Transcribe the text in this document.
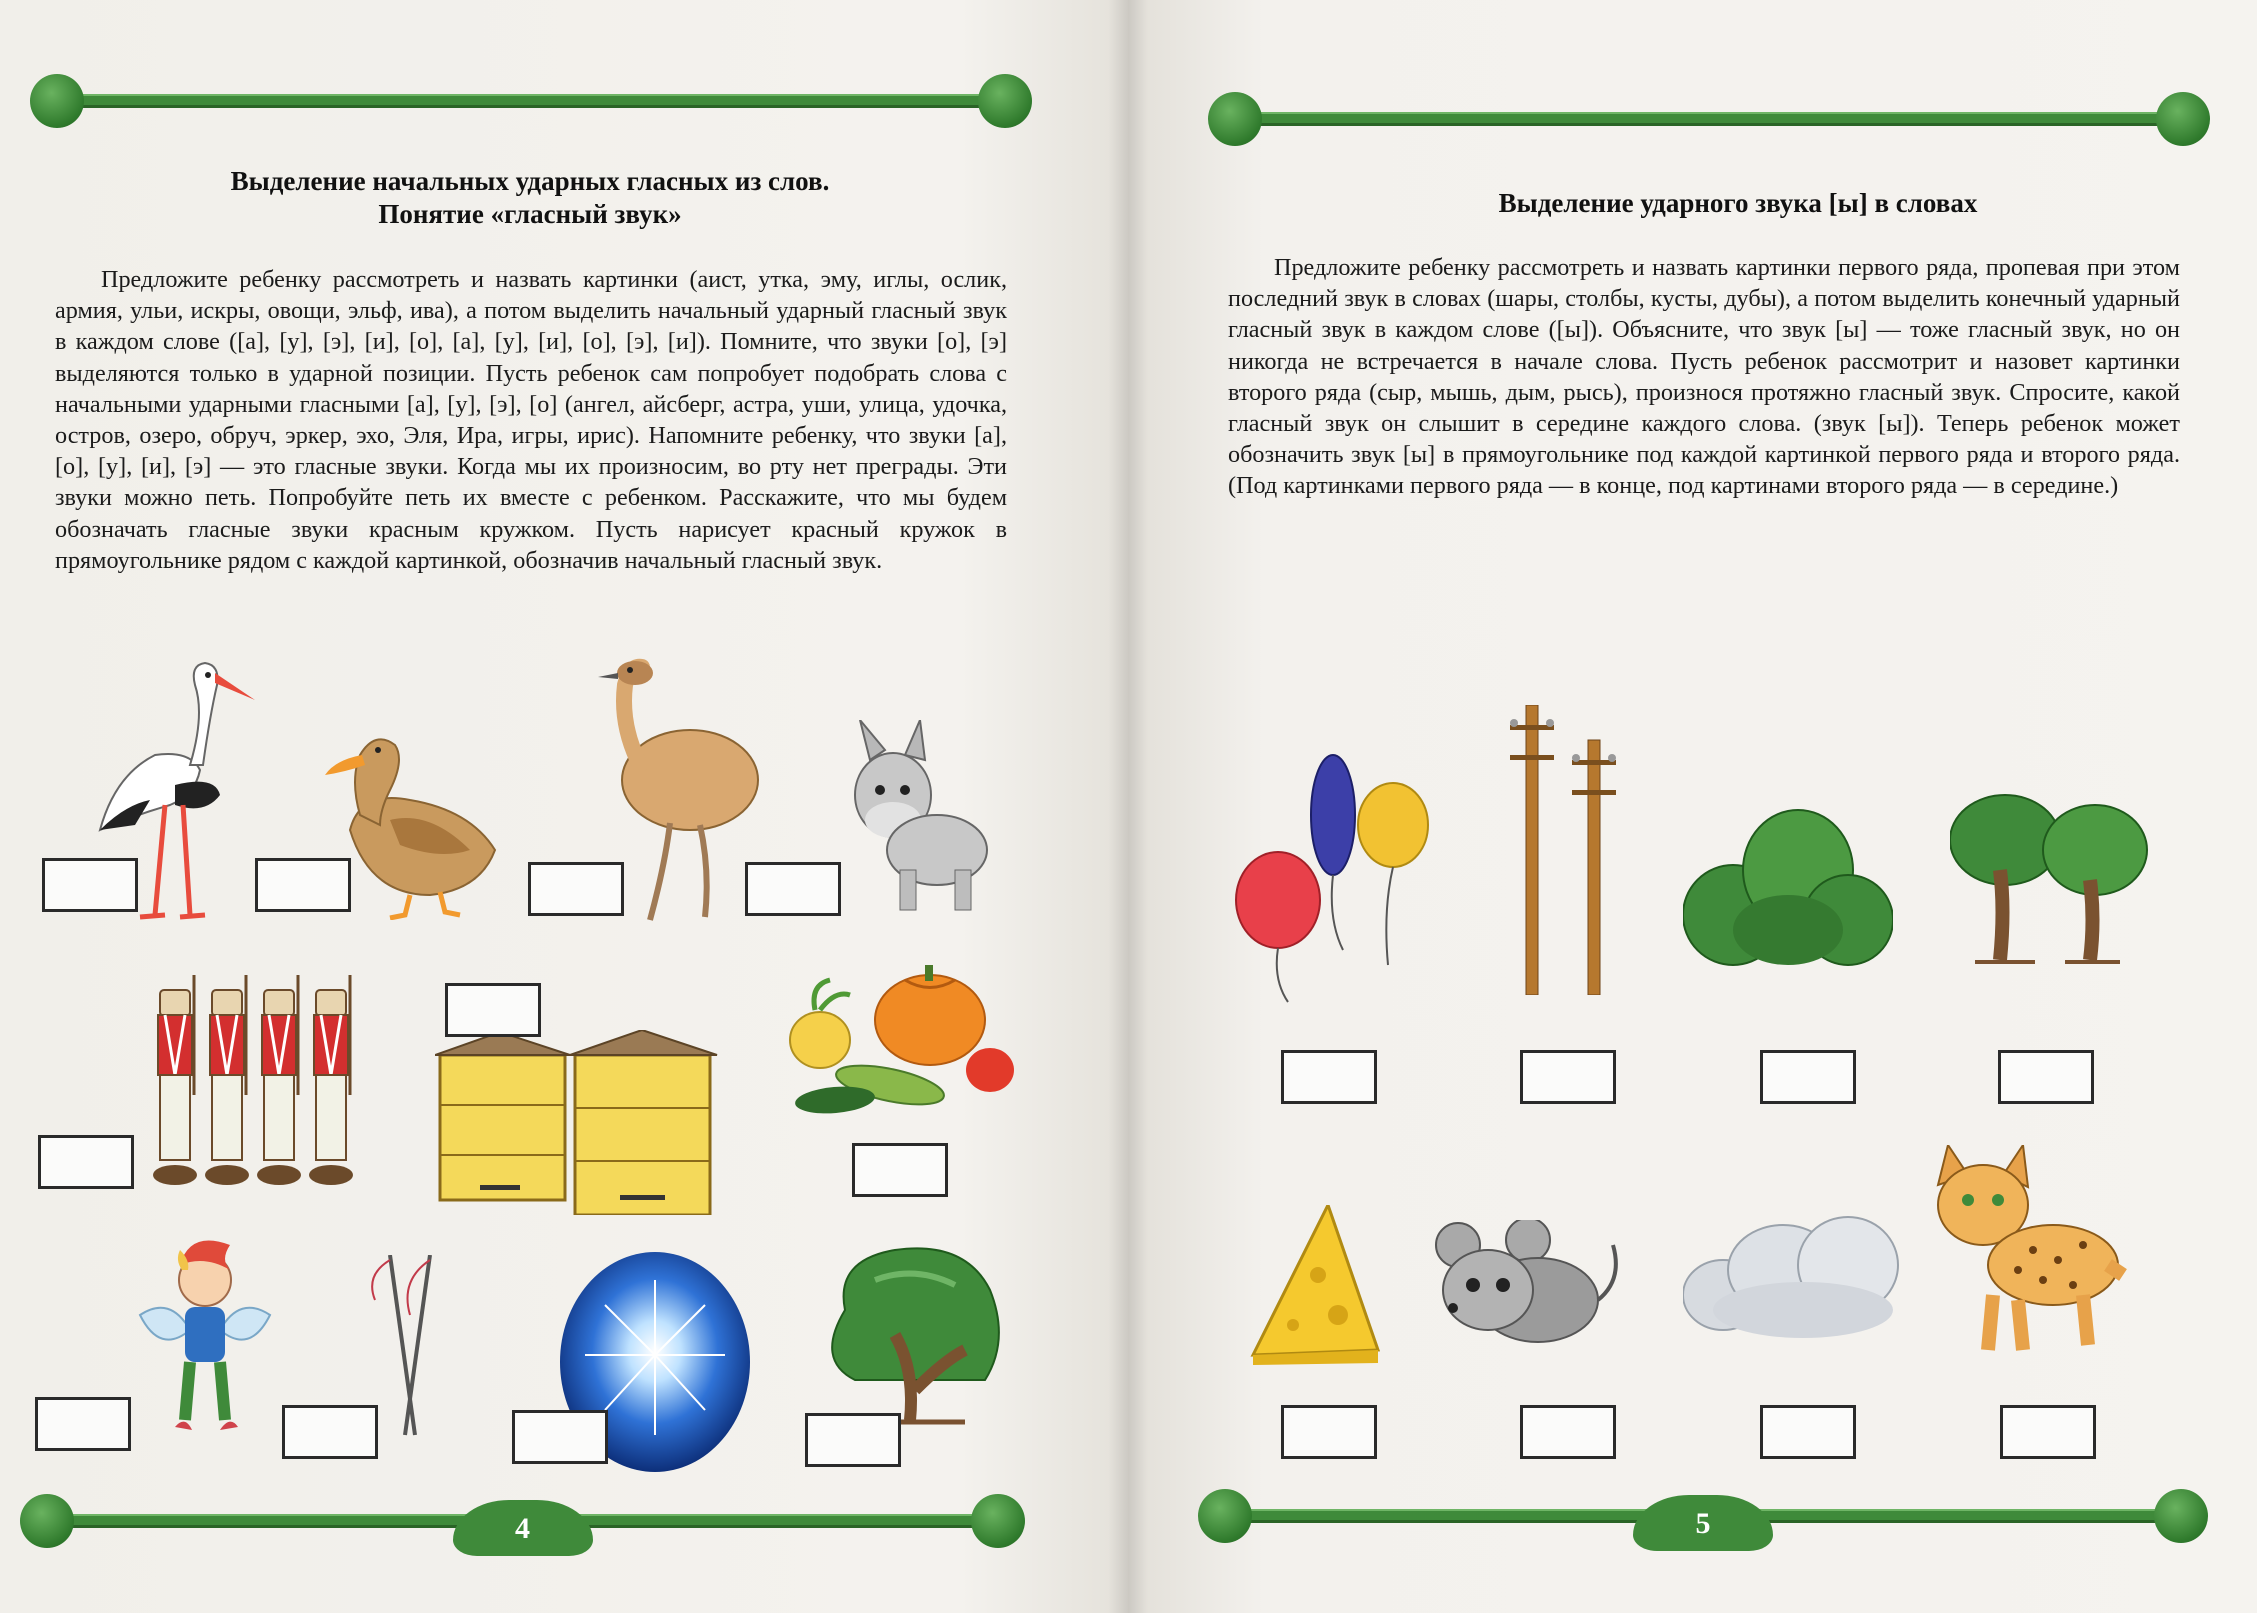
Выделение начальных ударных гласных из слов.
Понятие «гласный звук»

Предложите ребенку рассмотреть и назвать картинки (аист, утка, эму, иглы, ослик, армия, ульи, искры, овощи, эльф, ива), а потом выделить начальный ударный гласный звук в каждом слове ([а], [у], [э], [и], [о], [а], [у], [и], [о], [э], [и]). Помните, что звуки [о], [э] выделяются только в ударной позиции. Пусть ребенок сам попробует подобрать слова с начальными ударными гласными [а], [у], [э], [о] (ангел, айсберг, астра, уши, улица, удочка, остров, озеро, обруч, эркер, эхо, Эля, Ира, игры, ирис). Напомните ребенку, что звуки [а], [о], [у], [и], [э] — это гласные звуки. Когда мы их произносим, во рту нет преграды. Эти звуки можно петь. Попробуйте петь их вместе с ребенком. Расскажите, что мы будем обозначать гласные звуки красным кружком. Пусть нарисует красный кружок в прямоугольнике рядом с каждой картинкой, обозначив начальный гласный звук.

4
Выделение ударного звука [ы] в словах

Предложите ребенку рассмотреть и назвать картинки первого ряда, пропевая при этом последний звук в словах (шары, столбы, кусты, дубы), а потом выделить конечный ударный гласный звук в каждом слове ([ы]). Объясните, что звук [ы] — тоже гласный звук, но он никогда не встречается в начале слова. Пусть ребенок рассмотрит и назовет картинки второго ряда (сыр, мышь, дым, рысь), произнося протяжно гласный звук. Спросите, какой гласный звук он слышит в середине каждого слова. (звук [ы]). Теперь ребенок может обозначить звук [ы] в прямоугольнике под каждой картинкой первого ряда и второго ряда. (Под картинками первого ряда — в конце, под картинами второго ряда — в середине.)

5
